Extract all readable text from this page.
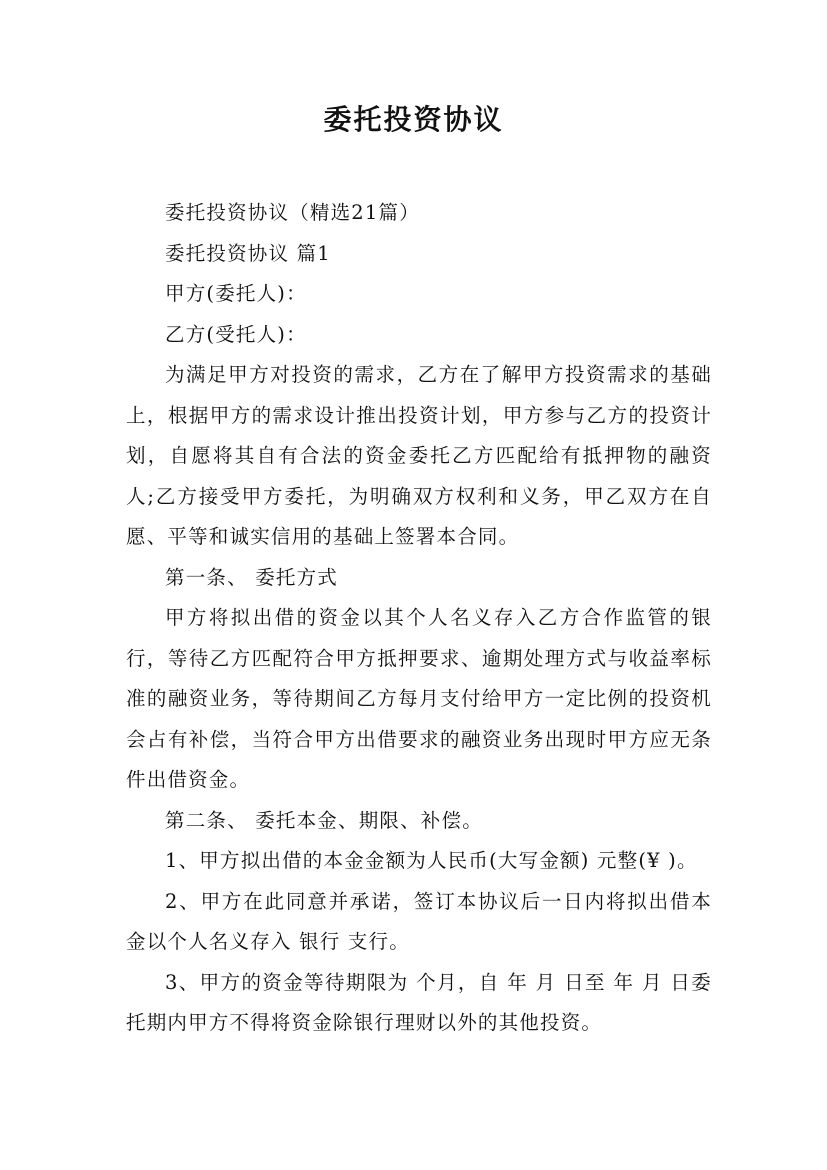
委托投资协议

委托投资协议（精选21篇）

委托投资协议 篇1

甲方(委托人)：

乙方(受托人)：

为满足甲方对投资的需求，乙方在了解甲方投资需求的基础上，根据甲方的需求设计推出投资计划，甲方参与乙方的投资计划，自愿将其自有合法的资金委托乙方匹配给有抵押物的融资人;乙方接受甲方委托，为明确双方权利和义务，甲乙双方在自愿、平等和诚实信用的基础上签署本合同。

第一条、 委托方式

甲方将拟出借的资金以其个人名义存入乙方合作监管的银行，等待乙方匹配符合甲方抵押要求、逾期处理方式与收益率标准的融资业务，等待期间乙方每月支付给甲方一定比例的投资机会占有补偿，当符合甲方出借要求的融资业务出现时甲方应无条件出借资金。

第二条、 委托本金、期限、补偿。

1、甲方拟出借的本金金额为人民币(大写金额) 元整(¥ )。

2、甲方在此同意并承诺，签订本协议后一日内将拟出借本金以个人名义存入 银行 支行。

3、甲方的资金等待期限为 个月，自 年 月 日至 年 月 日委托期内甲方不得将资金除银行理财以外的其他投资。
